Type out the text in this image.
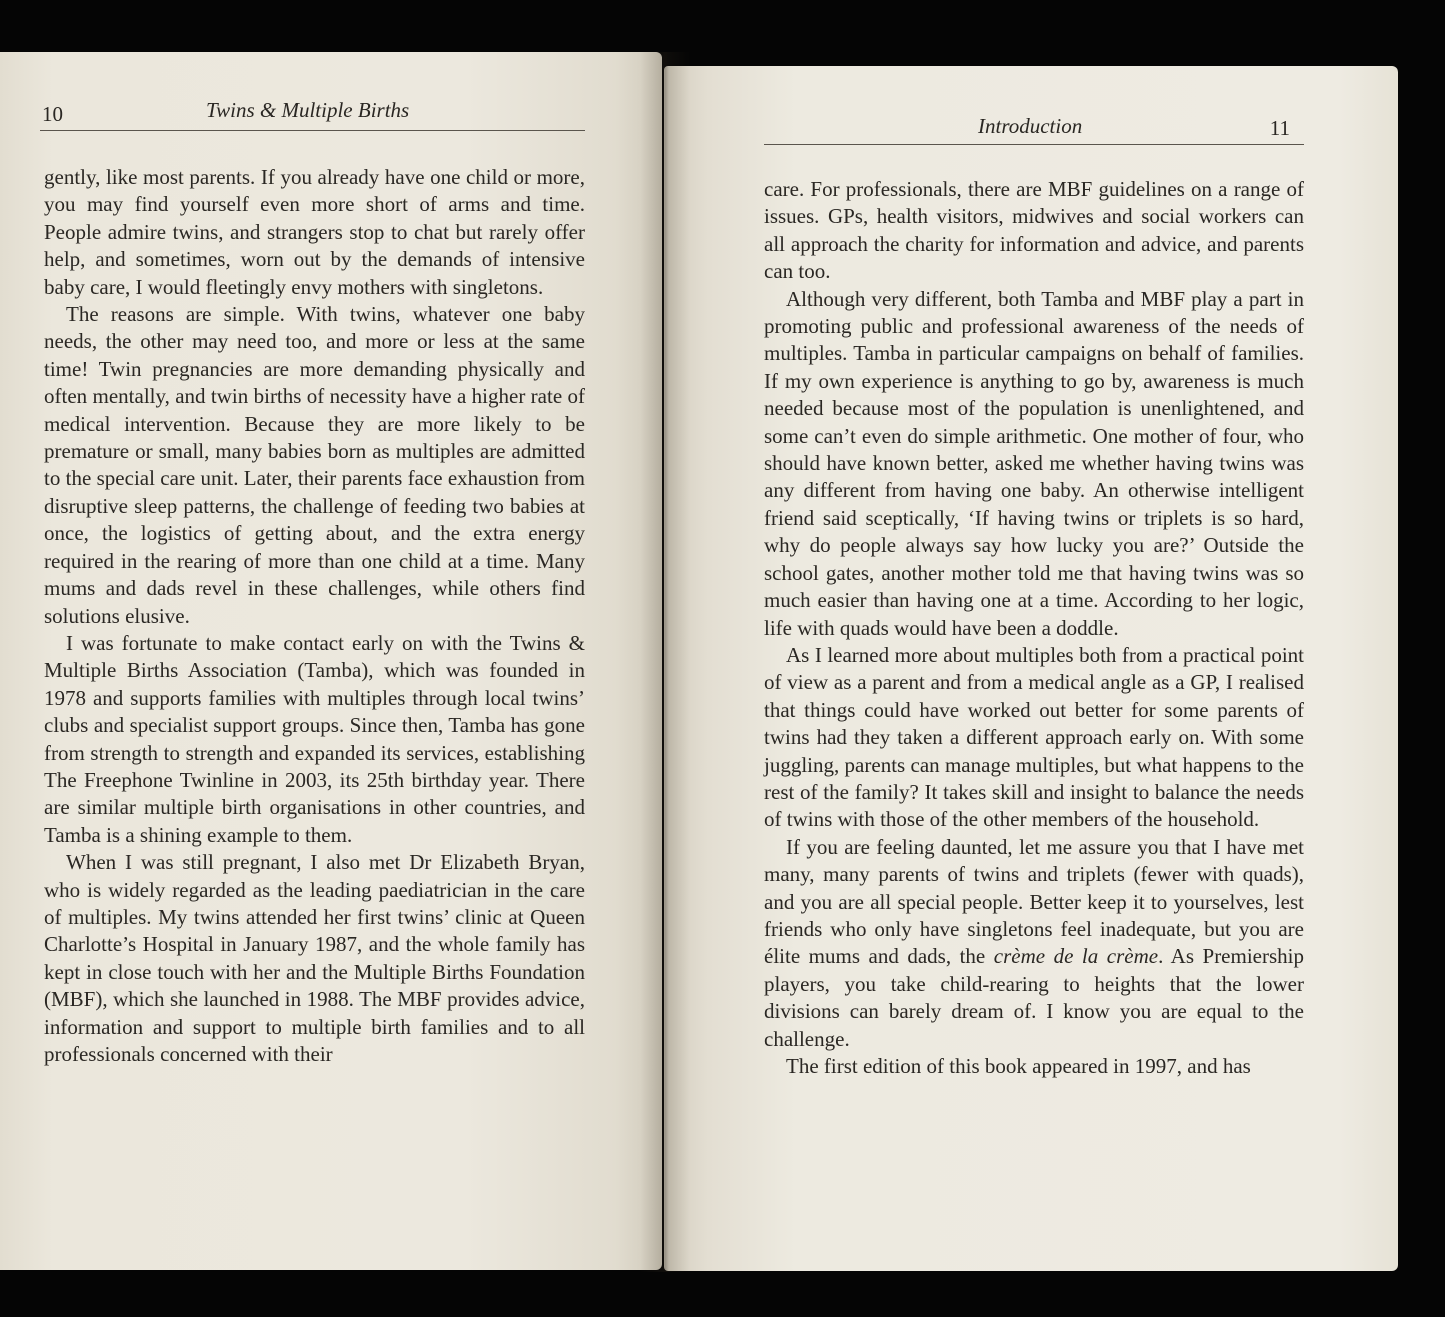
10	Twins & Multiple Births

gently, like most parents. If you already have one child or more, you may find yourself even more short of arms and time. People admire twins, and strangers stop to chat but rarely offer help, and sometimes, worn out by the demands of intensive baby care, I would fleetingly envy mothers with singletons.

The reasons are simple. With twins, whatever one baby needs, the other may need too, and more or less at the same time! Twin pregnancies are more demanding physically and often mentally, and twin births of necessity have a higher rate of medical intervention. Because they are more likely to be premature or small, many babies born as multiples are admitted to the special care unit. Later, their parents face exhaustion from disruptive sleep patterns, the challenge of feeding two babies at once, the logistics of getting about, and the extra energy required in the rearing of more than one child at a time. Many mums and dads revel in these challenges, while others find solutions elusive.

I was fortunate to make contact early on with the Twins & Multiple Births Association (Tamba), which was founded in 1978 and supports families with multiples through local twins’ clubs and specialist support groups. Since then, Tamba has gone from strength to strength and expanded its services, establishing The Freephone Twinline in 2003, its 25th birthday year. There are similar multiple birth organisations in other countries, and Tamba is a shining example to them.

When I was still pregnant, I also met Dr Elizabeth Bryan, who is widely regarded as the leading paediatrician in the care of multiples. My twins attended her first twins’ clinic at Queen Charlotte’s Hospital in January 1987, and the whole family has kept in close touch with her and the Multiple Births Foundation (MBF), which she launched in 1988. The MBF provides advice, information and support to multiple birth families and to all professionals concerned with their

Introduction	11

care. For professionals, there are MBF guidelines on a range of issues. GPs, health visitors, midwives and social workers can all approach the charity for information and advice, and parents can too.

Although very different, both Tamba and MBF play a part in promoting public and professional awareness of the needs of multiples. Tamba in particular campaigns on behalf of families. If my own experience is anything to go by, awareness is much needed because most of the population is unenlightened, and some can’t even do simple arithmetic. One mother of four, who should have known better, asked me whether having twins was any different from having one baby. An otherwise intelligent friend said sceptically, ‘If having twins or triplets is so hard, why do people always say how lucky you are?’ Outside the school gates, another mother told me that having twins was so much easier than having one at a time. According to her logic, life with quads would have been a doddle.

As I learned more about multiples both from a practical point of view as a parent and from a medical angle as a GP, I realised that things could have worked out better for some parents of twins had they taken a different approach early on. With some juggling, parents can manage multiples, but what happens to the rest of the family? It takes skill and insight to balance the needs of twins with those of the other members of the household.

If you are feeling daunted, let me assure you that I have met many, many parents of twins and triplets (fewer with quads), and you are all special people. Better keep it to yourselves, lest friends who only have singletons feel inadequate, but you are élite mums and dads, the crème de la crème. As Premiership players, you take child-rearing to heights that the lower divisions can barely dream of. I know you are equal to the challenge.

The first edition of this book appeared in 1997, and has
